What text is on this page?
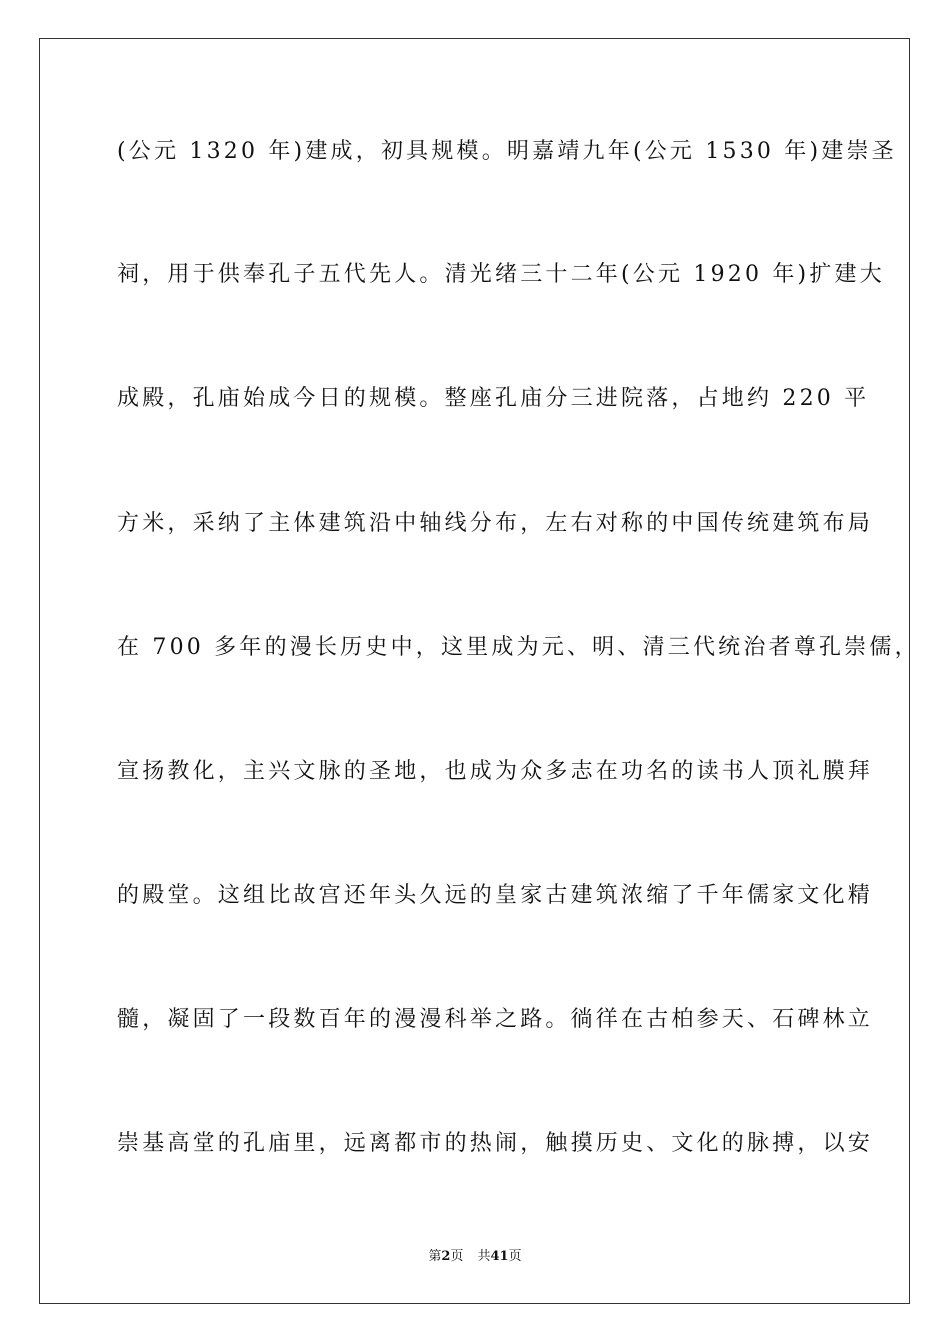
(公元 1320 年)建成，初具规模。明嘉靖九年(公元 1530 年)建崇圣
祠，用于供奉孔子五代先人。清光绪三十二年(公元 1920 年)扩建大
成殿，孔庙始成今日的规模。整座孔庙分三进院落，占地约 220 平
方米，采纳了主体建筑沿中轴线分布，左右对称的中国传统建筑布局
在 700 多年的漫长历史中，这里成为元、明、清三代统治者尊孔崇儒，
宣扬教化，主兴文脉的圣地，也成为众多志在功名的读书人顶礼膜拜
的殿堂。这组比故宫还年头久远的皇家古建筑浓缩了千年儒家文化精
髓，凝固了一段数百年的漫漫科举之路。徜徉在古柏参天、石碑林立
崇基高堂的孔庙里，远离都市的热闹，触摸历史、文化的脉搏，以安
第2页 共41页
